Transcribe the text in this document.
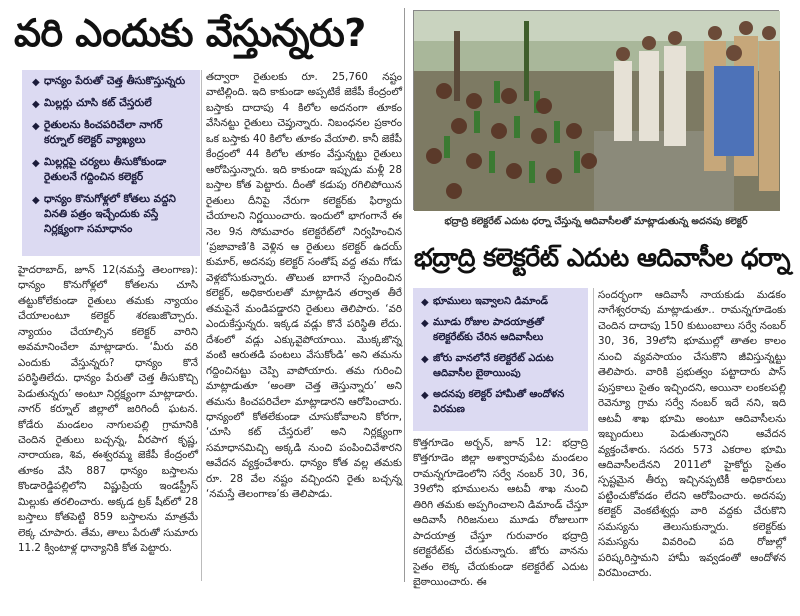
వరి ఎందుకు వేస్తున్నరు?
◆ ధాన్యం పేరుతో చెత్త తీసుకొస్తున్నరు
◆ మిల్లర్లు చూసి కట్ చేస్తరులే
◆ రైతులను కించపరిచేలా నాగర్ కర్నూల్ కలెక్టర్ వ్యాఖ్యలు
◆ మిల్లర్లపై చర్యలు తీసుకోకుండా రైతులనే గద్దించిన కలెక్టర్
◆ ధాన్యం కొనుగోళ్లలో కోతలు వద్దని వినతి పత్రం ఇచ్చేందుకు వస్తే నిర్లక్ష్యంగా సమాధానం

హైదరాబాద్, జూన్ 12(నమస్తే తెలంగాణ): ధాన్యం కొనుగోళ్లలో కోతలను చూసి తట్టుకోలేకుండా రైతులు తమకు న్యాయం చేయాలంటూ కలెక్టర్ శరణుజొచ్చారు. న్యాయం చేయాల్సిన కలెక్టర్ వారిని అవమానించేలా మాట్లాడారు. ‘మీరు వరి ఎందుకు వేస్తున్నరు? ధాన్యం కొనే పరిస్థితిలేదు. ధాన్యం పేరుతో చెత్త తీసుకొచ్చి పెడుతున్నరు’ అంటూ నిర్లక్ష్యంగా మాట్లాడారు. నాగర్ కర్నూల్ జిల్లాలో జరిగిందీ ఘటన. కోడేరు మండలం నాగులపల్లి గ్రామానికి చెందిన రైతులు బచ్చన్న, వీరపాగ కృష్ణ, నారాయణ, శివ, ఈశ్వరమ్మ జెకేపీ కేంద్రంలో తూకం వేసి 887 ధాన్యం బస్తాలను కొండారెడ్డిపల్లిలోని విష్ణుప్రియ ఇండస్ట్రీస్ మిల్లుకు తరలించారు. అక్కడ ట్రక్ షీట్‌లో 28 బస్తాలు కోతపెట్టి 859 బస్తాలను మాత్రమే లెక్క చూపారు. తేమ, తాలు పేరుతో సుమారు 11.2 క్వింటాళ్ల ధాన్యానికి కోత పెట్టారు.

తద్వారా రైతులకు రూ. 25,760 నష్టం వాటిల్లింది. ఇది కాకుండా అప్పటికే జెకేపీ కేంద్రంలో బస్తాకు దాదాపు 4 కిలోల అదనంగా తూకం వేసినట్టు రైతులు చెప్తున్నారు. నిబంధనల ప్రకారం ఒక బస్తాకు 40 కిలోల తూకం వేయాలి. కానీ జెకేపీ కేంద్రంలో 44 కిలోల తూకం వేస్తున్నట్టు రైతులు ఆరోపిస్తున్నారు. ఇది కాకుండా ఇప్పుడు మళ్లీ 28 బస్తాల కోత పెట్టారు. దీంతో కడుపు రగిలిపోయిన రైతులు దీనిపై నేరుగా కలెక్టర్‌కు ఫిర్యాదు చేయాలని నిర్ణయించారు. ఇందులో భాగంగానే ఈ నెల 9న సోమవారం కలెక్టరేట్‌లో నిర్వహించిన ‘ప్రజావాణి’కి వెళ్లిన ఆ రైతులు కలెక్టర్ ఉదయ్ కుమార్, అదనపు కలెక్టర్ సంతోష్ వద్ద తమ గోడు వెళ్లబోసుకున్నారు. తొలుత బాగానే స్పందించిన కలెక్టర్, అధికారులతో మాట్లాడిన తర్వాత తీరే తమపైనే మండిపడ్డారని రైతులు తెలిపారు. ‘వరి ఎందుకేస్తున్నరు. ఇక్కడ వడ్లు కొనే పరిస్థితి లేదు. దేశంలో వడ్లు ఎక్కువైపోయాయి. మొక్కజొన్న వంటి ఆరుతడి పంటలు వేసుకోండి’ అని తమను గద్దించినట్టు చెప్పి వాపోయారు. తమ గురించి మాట్లాడుతూ ‘అంతా చెత్త తెస్తున్నారు’ అని తమను కించపరిచేలా మాట్లాడారని ఆరోపించారు. ధాన్యంలో కోతలేకుండా చూసుకోవాలని కోరగా, ‘చూసి కట్ చేస్తరులే’ అని నిర్లక్ష్యంగా సమాధానమిచ్చి అక్కడి నుంచి పంపించివేశారని ఆవేదన వ్యక్తంచేశారు. ధాన్యం కోత వల్ల తమకు రూ. 28 వేల నష్టం వచ్చిందని రైతు బచ్చన్న ‘నమస్తే తెలంగాణ’కు తెలిపాడు.

భద్రాద్రి కలెక్టరేట్ ఎదుట ధర్నా చేస్తున్న ఆదివాసీలతో మాట్లాడుతున్న అదనపు కలెక్టర్
భద్రాద్రి కలెక్టరేట్ ఎదుట ఆదివాసీల ధర్నా
◆ భూములు ఇవ్వాలని డిమాండ్
◆ మూడు రోజుల పాదయాత్రతో కలెక్టరేట్‌కు చేరిన ఆదివాసీలు
◆ జోరు వానలోనే కలెక్టరేట్ ఎదుట ఆదివాసీల బైఠాయింపు
◆ అదనపు కలెక్టర్ హామీతో ఆందోళన విరమణ

కొత్తగూడెం అర్బన్, జూన్ 12: భద్రాద్రి కొత్తగూడెం జిల్లా అశ్వారావుపేట మండలం రామన్నగూడెంలోని సర్వే నంబర్ 30, 36, 39లోని భూములను ఆటవీ శాఖ నుంచి తిరిగి తమకు అప్పగించాలని డిమాండ్ చేస్తూ ఆదివాసీ గిరిజనులు మూడు రోజులుగా పాదయాత్ర చేస్తూ గురువారం భద్రాద్రి కలెక్టరేట్‌కు చేరుకున్నారు. జోరు వానను సైతం లెక్క చేయకుండా కలెక్టరేట్ ఎదుట బైఠాయించారు. ఈ

సందర్భంగా ఆదివాసీ నాయకుడు మడకం నాగేశ్వరరావు మాట్లాడుతూ.. రామన్నగూడెంకు చెందిన దాదాపు 150 కుటుంబాలు సర్వే నంబర్ 30, 36, 39లోని భూముల్లో తాతల కాలం నుంచి వ్యవసాయం చేసుకొని జీవిస్తున్నట్టు తెలిపారు. వారికి ప్రభుత్వం పట్టాదారు పాస్ పుస్తకాలు సైతం ఇచ్చిందని, అయినా లంకలపల్లి రెవెన్యూ గ్రామ సర్వే నంబర్ ఇదే నని, ఇది ఆటవీ శాఖ భూమి అంటూ ఆదివాసీలను ఇబ్బందులు పెడుతున్నారని ఆవేదన వ్యక్తంచేశారు. సదరు 573 ఎకరాల భూమి ఆదివాసీలదేనని 2011లో హైకోర్టు సైతం స్పష్టమైన తీర్పు ఇచ్చినప్పటికీ అధికారులు పట్టించుకోవడం లేదని ఆరోపించారు. అదనపు కలెక్టర్ వెంకటేశ్వర్లు వారి వద్దకు చేరుకొని సమస్యను తెలుసుకున్నారు. కలెక్టర్‌కు సమస్యను వివరించి పది రోజుల్లో పరిష్కరిస్తామని హామీ ఇవ్వడంతో ఆందోళన విరమించారు.
